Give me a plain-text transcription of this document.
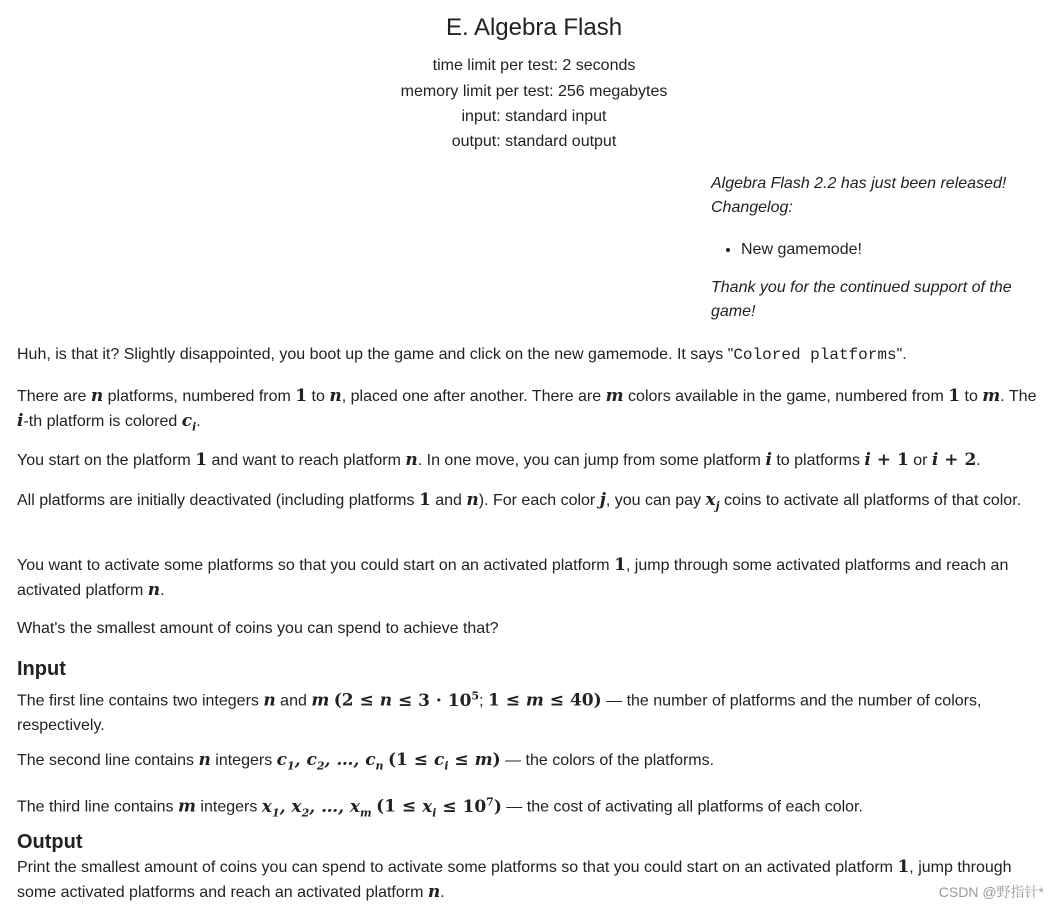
E. Algebra Flash
time limit per test: 2 seconds
memory limit per test: 256 megabytes
input: standard input
output: standard output

Algebra Flash 2.2 has just been released!
Changelog:

• New gamemode!

Thank you for the continued support of the game!

Huh, is that it? Slightly disappointed, you boot up the game and click on the new gamemode. It says "Colored platforms".
There are n platforms, numbered from 1 to n, placed one after another. There are m colors available in the game, numbered from 1 to m. The i-th platform is colored $c_i$.
You start on the platform 1 and want to reach platform n. In one move, you can jump from some platform i to platforms i + 1 or i + 2.
All platforms are initially deactivated (including platforms 1 and n). For each color j, you can pay $x_j$ coins to activate all platforms of that color.
You want to activate some platforms so that you could start on an activated platform 1, jump through some activated platforms and reach an activated platform n.
What's the smallest amount of coins you can spend to achieve that?
Input
The first line contains two integers n and m ($2 \le n \le 3 \cdot 10^5$; 1 ≤ m ≤ 40) — the number of platforms and the number of colors, respectively.
The second line contains n integers $c_1$, $c_2$, …, $c_n$ $(1 \le c_i \le m)$ — the colors of the platforms.
The third line contains m integers $x_1$, $x_2$, …, $x_m$ $(1 \le x_i \le 10^7)$ — the cost of activating all platforms of each color.
Output
Print the smallest amount of coins you can spend to activate some platforms so that you could start on an activated platform 1, jump through some activated platforms and reach an activated platform n.	CSDN @野指针*
